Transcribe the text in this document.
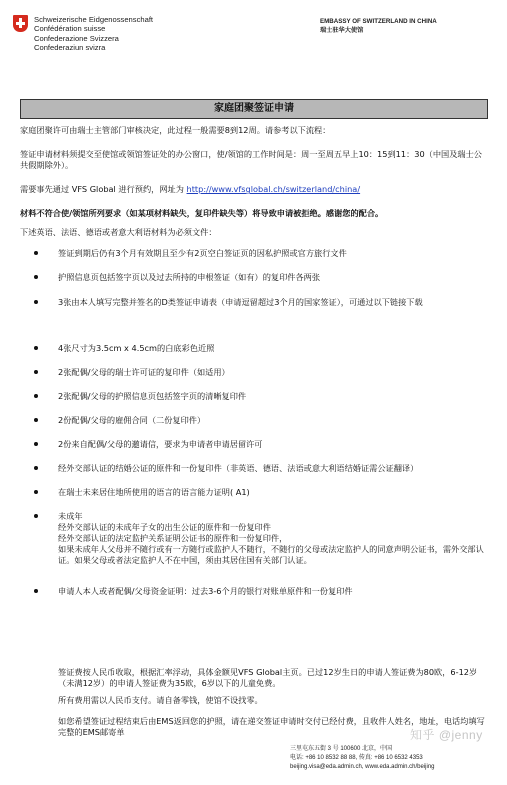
Schweizerische Eidgenossenschaft
Confédération suisse
Confederazione Svizzera
Confederaziun svizra
EMBASSY OF SWITZERLAND IN CHINA
瑞士驻华大使馆
家庭团聚签证申请

家庭团聚许可由瑞士主管部门审核决定，此过程一般需要8到12周。请参考以下流程：

签证申请材料须提交至使馆或领馆签证处的办公窗口，使/领馆的工作时间是：周一至周五早上10：15到11：30（中国及瑞士公共假期除外）。

需要事先通过 VFS Global 进行预约，网址为 http://www.vfsglobal.ch/switzerland/china/

材料不符合使/领馆所列要求（如某项材料缺失，复印件缺失等）将导致申请被拒绝。感谢您的配合。

下述英语、法语、德语或者意大利语材料为必须文件：

签证到期后仍有3个月有效期且至少有2页空白签证页的因私护照或官方旅行文件
护照信息页包括签字页以及过去所持的申根签证（如有）的复印件各两张
3张由本人填写完整并签名的D类签证申请表（申请逗留超过3个月的国家签证），可通过以下链接下载
4张尺寸为3.5cm x 4.5cm的白底彩色近照
2张配偶/父母的瑞士许可证的复印件（如适用）
2张配偶/父母的护照信息页包括签字页的清晰复印件
2份配偶/父母的雇佣合同（二份复印件）
2份来自配偶/父母的邀请信，要求为申请者申请居留许可
经外交部认证的结婚公证的原件和一份复印件（非英语、德语、法语或意大利语结婚证需公证翻译）
在瑞士未来居住地所使用的语言的语言能力证明( A1)
未成年
经外交部认证的未成年子女的出生公证的原件和一份复印件
经外交部认证的法定监护关系证明公证书的原件和一份复印件，
如果未成年人父母并不随行或有一方随行或监护人不随行，不随行的父母或法定监护人的同意声明公证书，需外交部认证。如果父母或者法定监护人不在中国，须由其居住国有关部门认证。
申请人本人或者配偶/父母资金证明：过去3-6个月的银行对账单原件和一份复印件

签证费按人民币收取，根据汇率浮动，具体金额见VFS Global主页。已过12岁生日的申请人签证费为80欧，6-12岁（未满12岁）的申请人签证费为35欧，6岁以下的儿童免费。

所有费用需以人民币支付。请自备零钱，使馆不设找零。

如您希望签证过程结束后由EMS返回您的护照，请在递交签证申请时交付已经付费，且收件人姓名，地址，电话均填写完整的EMS邮寄单	知乎 @jenny
三里屯东五街 3 号 100600 北京，中国
电话: +86 10 8532 88 88, 传真: +86 10 6532 4353
beijing.visa@eda.admin.ch, www.eda.admin.ch/beijing
